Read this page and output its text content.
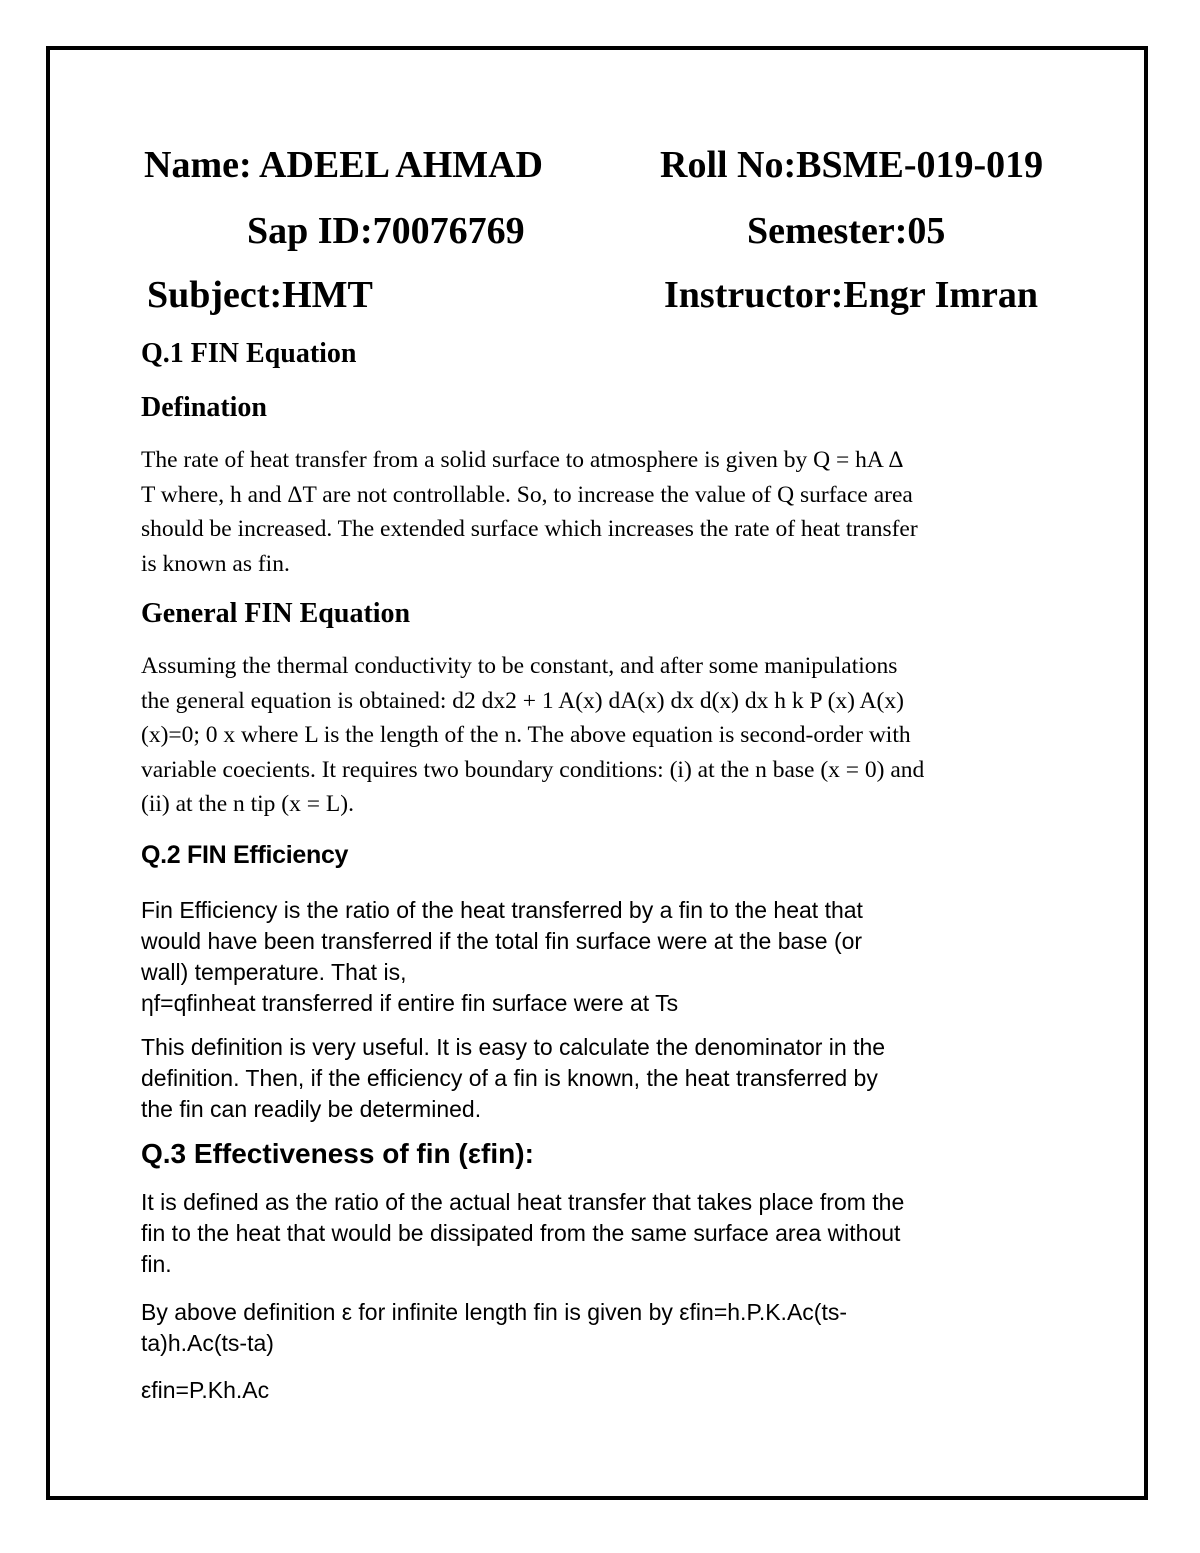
Name: ADEEL AHMAD	Roll No:BSME-019-019
Sap ID:70076769	Semester:05
Subject:HMT	Instructor:Engr Imran
Q.1 FIN Equation
Defination
The rate of heat transfer from a solid surface to atmosphere is given by Q = hA Δ
T where, h and ΔT are not controllable. So, to increase the value of Q surface area
should be increased. The extended surface which increases the rate of heat transfer
is known as fin.
General FIN Equation
Assuming the thermal conductivity to be constant, and after some manipulations
the general equation is obtained: d2 dx2 + 1 A(x) dA(x) dx d(x) dx h k P (x) A(x)
(x)=0; 0 x where L is the length of the n. The above equation is second-order with
variable coecients. It requires two boundary conditions: (i) at the n base (x = 0) and
(ii) at the n tip (x = L).
Q.2 FIN Efficiency
Fin Efficiency is the ratio of the heat transferred by a fin to the heat that
would have been transferred if the total fin surface were at the base (or
wall) temperature. That is,
ηf=qfinheat transferred if entire fin surface were at Ts
This definition is very useful. It is easy to calculate the denominator in the
definition. Then, if the efficiency of a fin is known, the heat transferred by
the fin can readily be determined.
Q.3 Effectiveness of fin (εfin):
It is defined as the ratio of the actual heat transfer that takes place from the
fin to the heat that would be dissipated from the same surface area without
fin.
By above definition ε for infinite length fin is given by εfin=h.P.K.Ac(ts-
ta)h.Ac(ts-ta)
εfin=P.Kh.Ac
